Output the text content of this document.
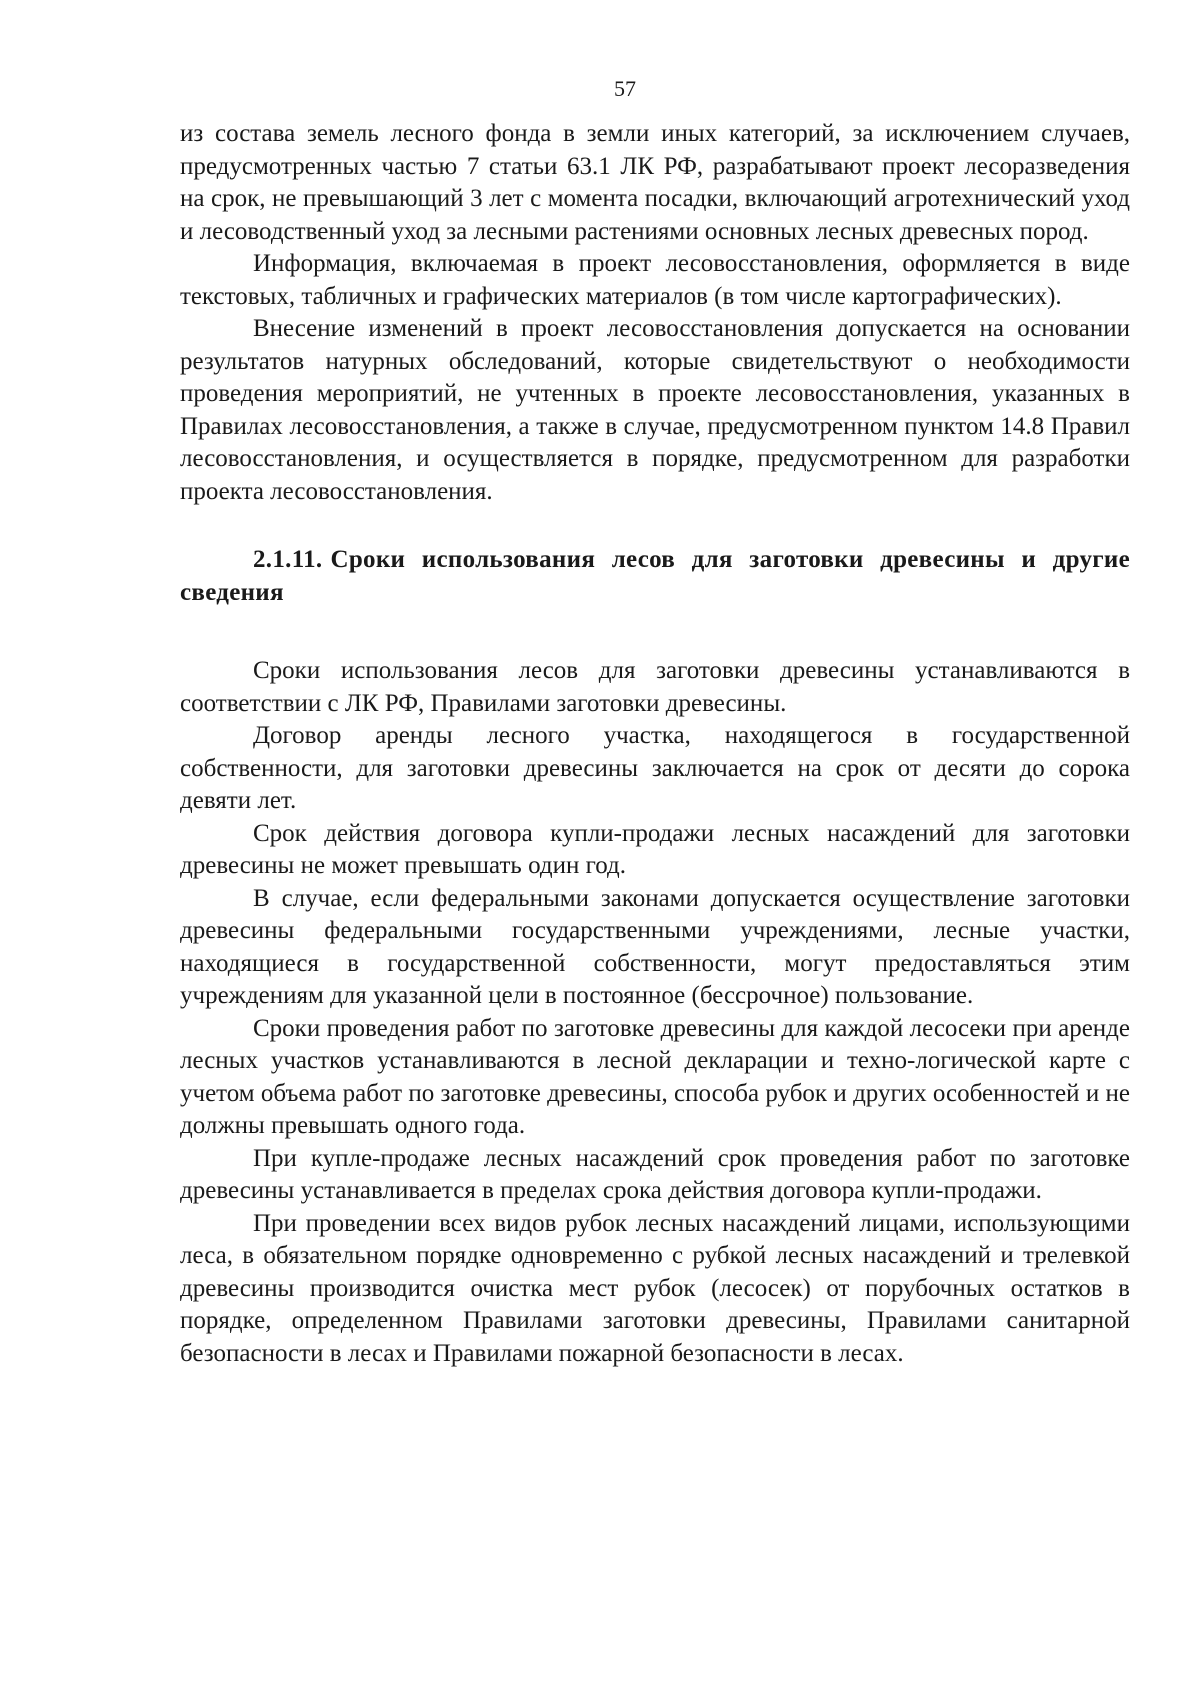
57

из состава земель лесного фонда в земли иных категорий, за исключением случаев, предусмотренных частью 7 статьи 63.1 ЛК РФ, разрабатывают проект лесоразведения на срок, не превышающий 3 лет с момента посадки, включающий агротехнический уход и лесоводственный уход за лесными растениями основных лесных древесных пород.

Информация, включаемая в проект лесовосстановления, оформляется в виде текстовых, табличных и графических материалов (в том числе картографических).

Внесение изменений в проект лесовосстановления допускается на основании результатов натурных обследований, которые свидетельствуют о необходимости проведения мероприятий, не учтенных в проекте лесовосстановления, указанных в Правилах лесовосстановления, а также в случае, предусмотренном пунктом 14.8 Правил лесовосстановления, и осуществляется в порядке, предусмотренном для разработки проекта лесовосстановления.

2.1.11. Сроки использования лесов для заготовки древесины и другие сведения

Сроки использования лесов для заготовки древесины устанавливаются в соответствии с ЛК РФ, Правилами заготовки древесины.

Договор аренды лесного участка, находящегося в государственной собственности, для заготовки древесины заключается на срок от десяти до сорока девяти лет.

Срок действия договора купли-продажи лесных насаждений для заготовки древесины не может превышать один год.

В случае, если федеральными законами допускается осуществление заготовки древесины федеральными государственными учреждениями, лесные участки, находящиеся в государственной собственности, могут предоставляться этим учреждениям для указанной цели в постоянное (бессрочное) пользование.

Сроки проведения работ по заготовке древесины для каждой лесосеки при аренде лесных участков устанавливаются в лесной декларации и техно-логической карте с учетом объема работ по заготовке древесины, способа рубок и других особенностей и не должны превышать одного года.

При купле-продаже лесных насаждений срок проведения работ по заготовке древесины устанавливается в пределах срока действия договора купли-продажи.

При проведении всех видов рубок лесных насаждений лицами, использующими леса, в обязательном порядке одновременно с рубкой лесных насаждений и трелевкой древесины производится очистка мест рубок (лесосек) от порубочных остатков в порядке, определенном Правилами заготовки древесины, Правилами санитарной безопасности в лесах и Правилами пожарной безопасности в лесах.
